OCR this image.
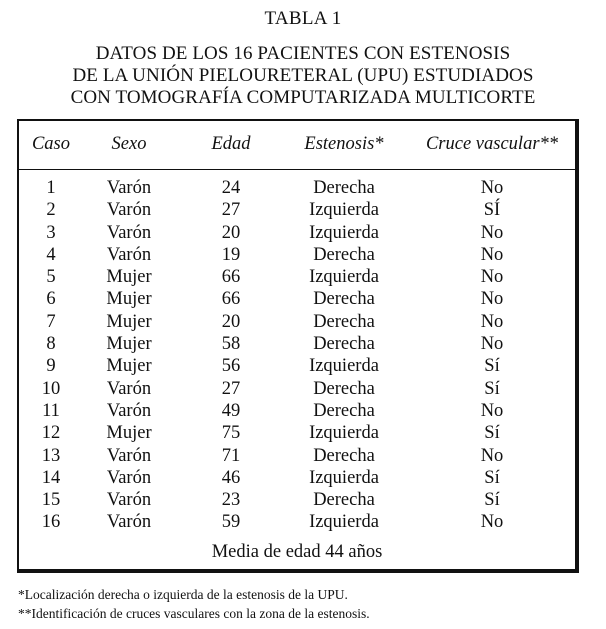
TABLA 1
DATOS DE LOS 16 PACIENTES CON ESTENOSIS
DE LA UNIÓN PIELOURETERAL (UPU) ESTUDIADOS
CON TOMOGRAFÍA COMPUTARIZADA MULTICORTE
Caso	Sexo	Edad	Estenosis*	Cruce vascular**
1	Varón	24	Derecha	No
2	Varón	27	Izquierda	SÍ
3	Varón	20	Izquierda	No
4	Varón	19	Derecha	No
5	Mujer	66	Izquierda	No
6	Mujer	66	Derecha	No
7	Mujer	20	Derecha	No
8	Mujer	58	Derecha	No
9	Mujer	56	Izquierda	Sí
10	Varón	27	Derecha	Sí
11	Varón	49	Derecha	No
12	Mujer	75	Izquierda	Sí
13	Varón	71	Derecha	No
14	Varón	46	Izquierda	Sí
15	Varón	23	Derecha	Sí
16	Varón	59	Izquierda	No
Media de edad 44 años
*Localización derecha o izquierda de la estenosis de la UPU.
**Identificación de cruces vasculares con la zona de la estenosis.
